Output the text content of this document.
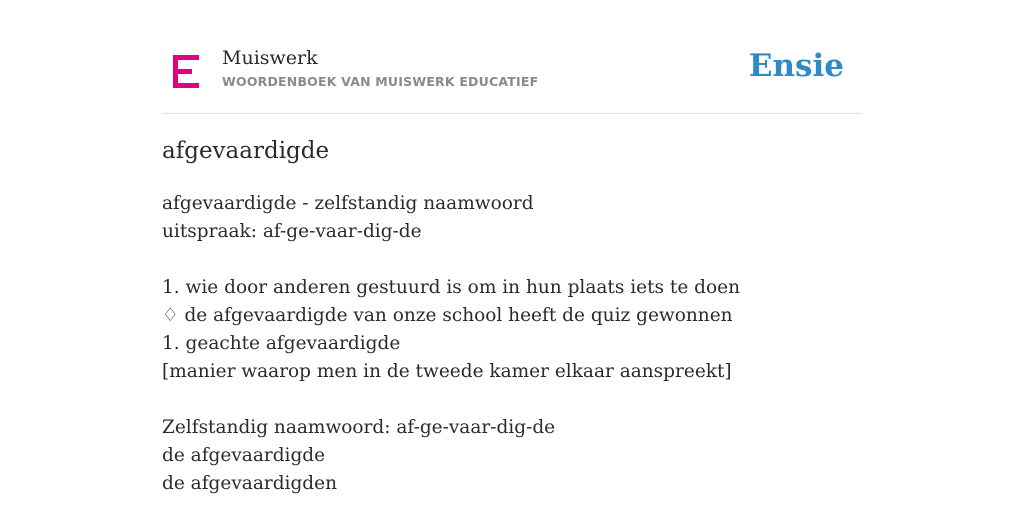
Muiswerk
WOORDENBOEK VAN MUISWERK EDUCATIEF	Ensie
afgevaardigde
afgevaardigde - zelfstandig naamwoord
uitspraak: af-ge-vaar-dig-de
1. wie door anderen gestuurd is om in hun plaats iets te doen
♢ de afgevaardigde van onze school heeft de quiz gewonnen
1. geachte afgevaardigde
[manier waarop men in de tweede kamer elkaar aanspreekt]
Zelfstandig naamwoord: af-ge-vaar-dig-de
de afgevaardigde
de afgevaardigden
